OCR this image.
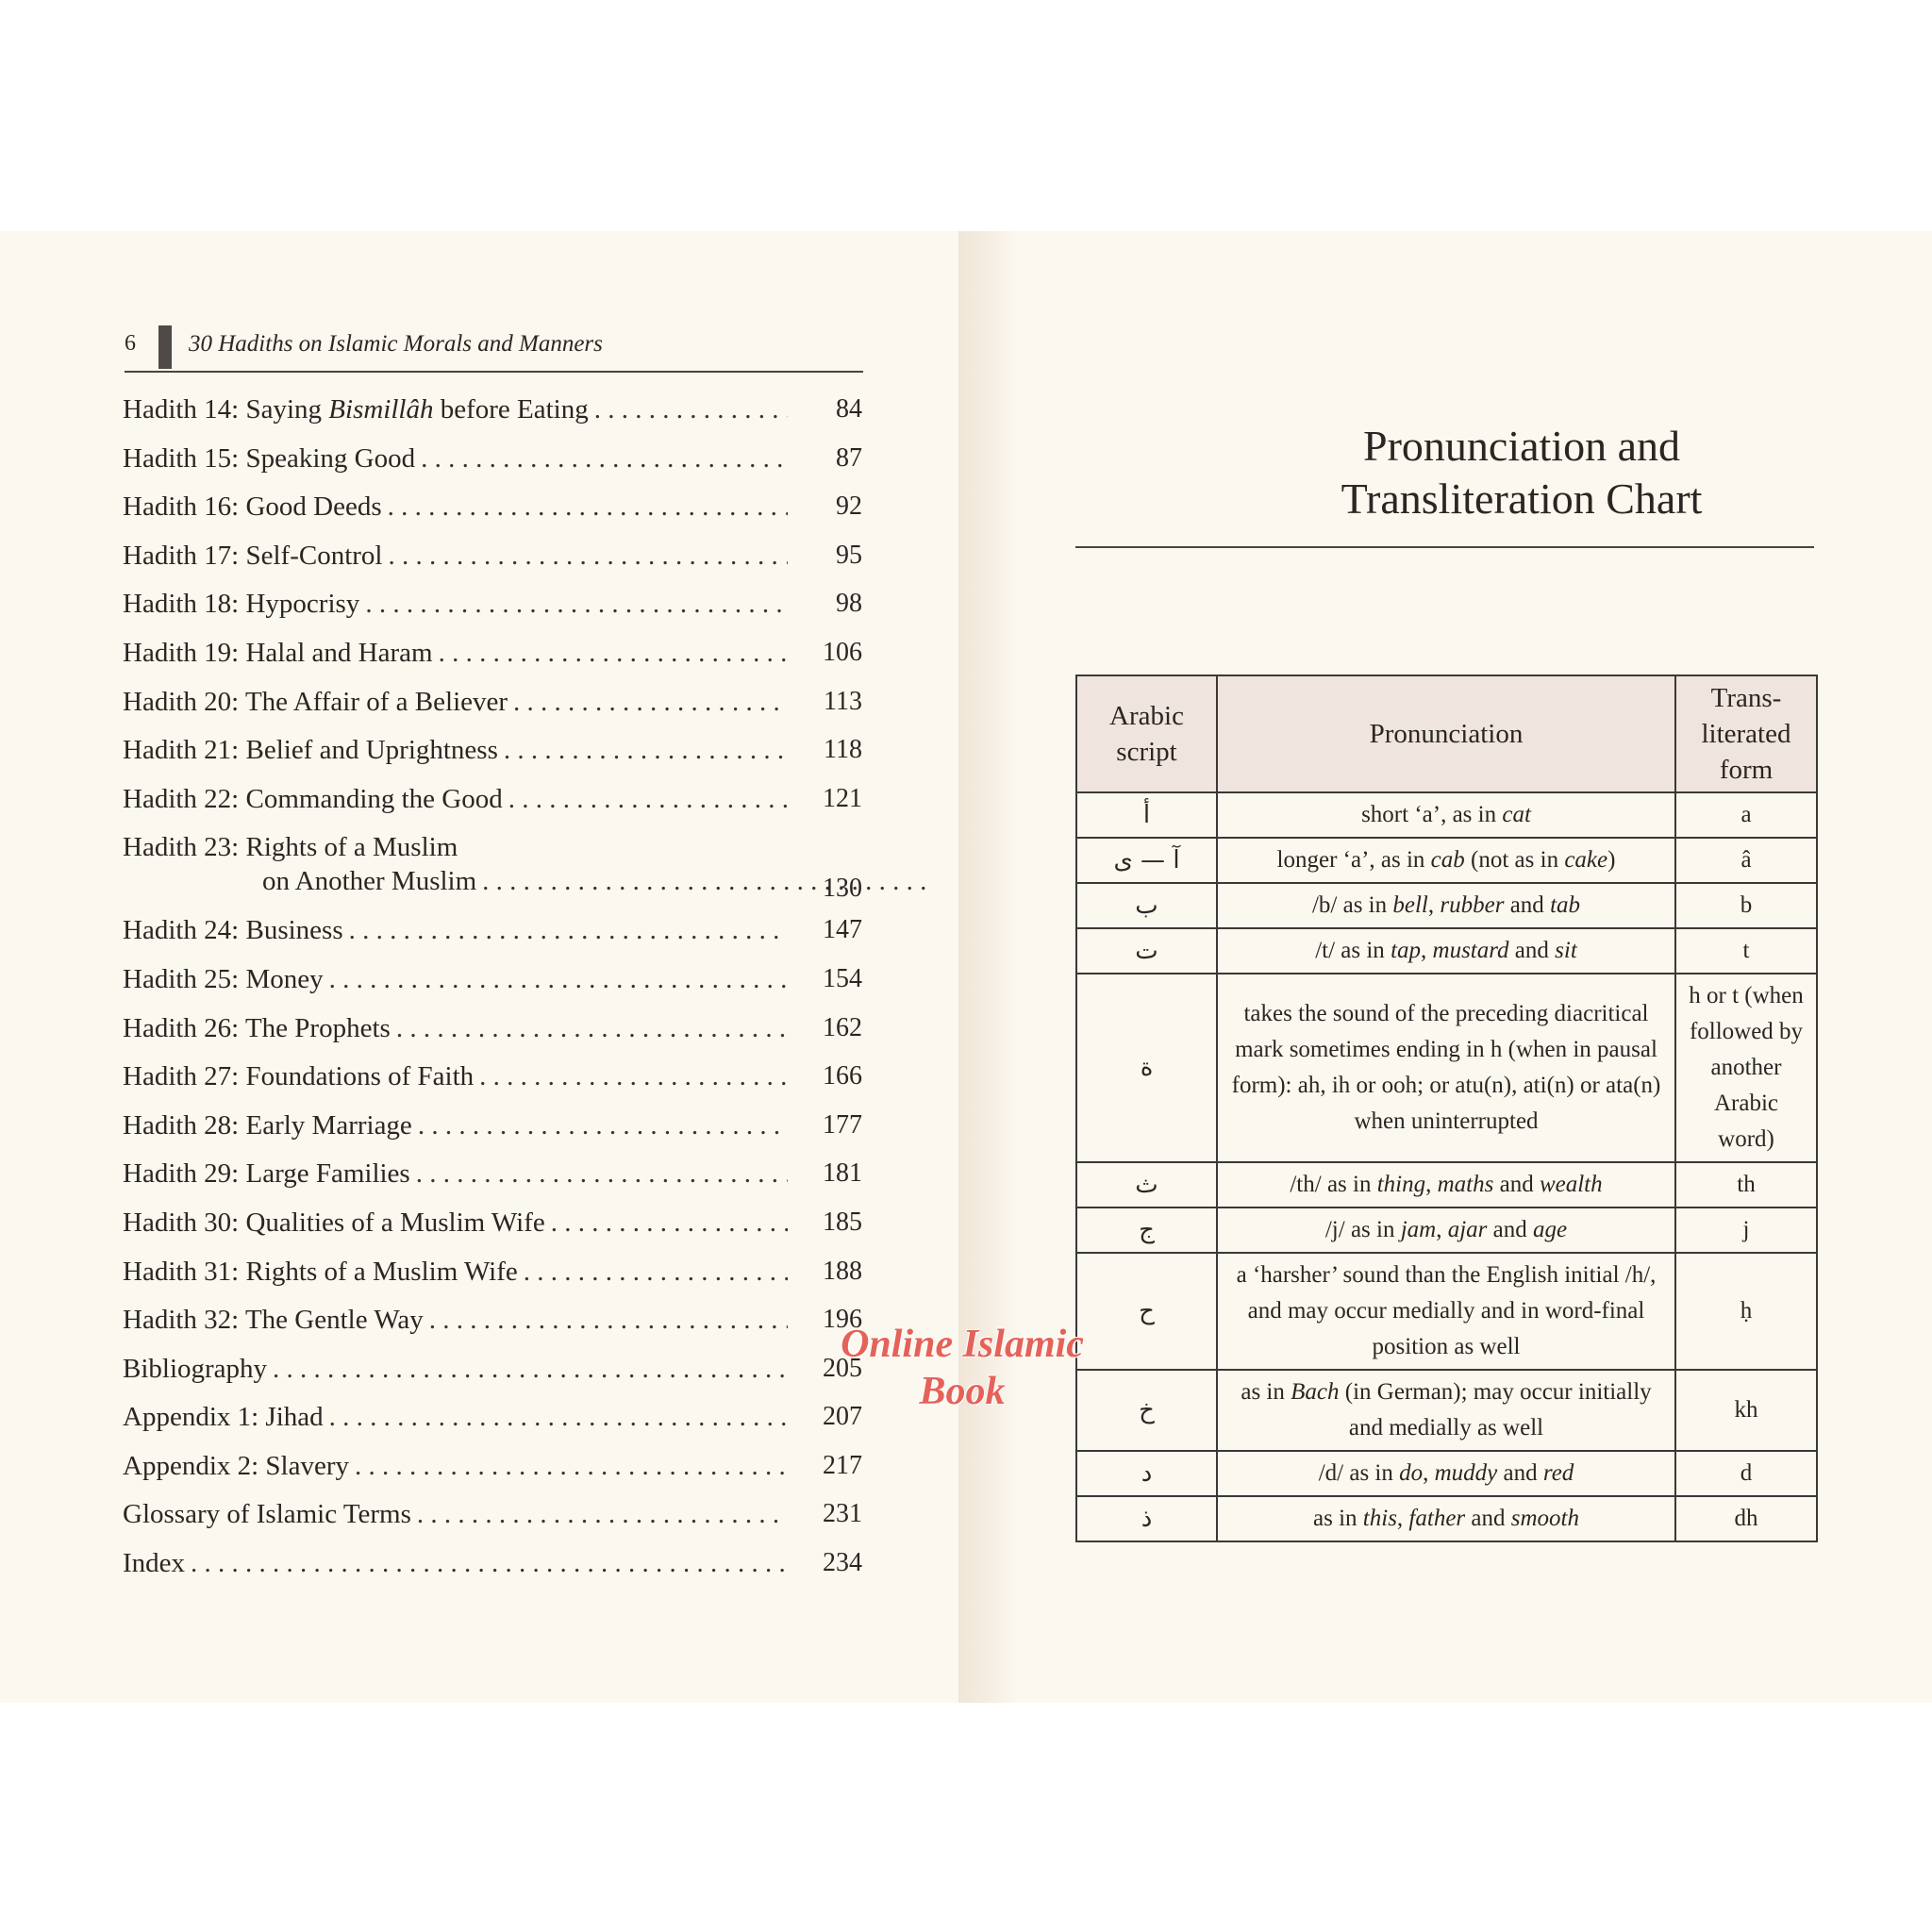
6 30 Hadiths on Islamic Morals and Manners
Hadith 14: Saying Bismillâh before Eating . . .	84
Hadith 15: Speaking Good . . .	87
Hadith 16: Good Deeds . . .	92
Hadith 17: Self-Control . . .	95
Hadith 18: Hypocrisy . . .	98
Hadith 19: Halal and Haram . . .	106
Hadith 20: The Affair of a Believer . . .	113
Hadith 21: Belief and Uprightness . . .	118
Hadith 22: Commanding the Good . . .	121
Hadith 23: Rights of a Muslim
on Another Muslim . . .	130
Hadith 24: Business . . .	147
Hadith 25: Money . . .	154
Hadith 26: The Prophets . . .	162
Hadith 27: Foundations of Faith . . .	166
Hadith 28: Early Marriage . . .	177
Hadith 29: Large Families . . .	181
Hadith 30: Qualities of a Muslim Wife . . .	185
Hadith 31: Rights of a Muslim Wife . . .	188
Hadith 32: The Gentle Way . . .	196
Bibliography . . .	205
Appendix 1: Jihad . . .	207
Appendix 2: Slavery . . .	217
Glossary of Islamic Terms . . .	231
Index . . .	234
Pronunciation and
Transliteration Chart
Arabic script	Pronunciation	Trans-literated form
أ	short ‘a’, as in cat	a
آ — ى	longer ‘a’, as in cab (not as in cake)	â
ب	/b/ as in bell, rubber and tab	b
ت	/t/ as in tap, mustard and sit	t
ة	takes the sound of the preceding diacritical mark sometimes ending in h (when in pausal form): ah, ih or ooh; or atu(n), ati(n) or ata(n) when uninterrupted	h or t (when followed by another Arabic word)
ث	/th/ as in thing, maths and wealth	th
ج	/j/ as in jam, ajar and age	j
ح	a ‘harsher’ sound than the English initial /h/, and may occur medially and in word-final position as well	ḥ
خ	as in Bach (in German); may occur initially and medially as well	kh
د	/d/ as in do, muddy and red	d
ذ	as in this, father and smooth	dh
Online Islamic
Book
